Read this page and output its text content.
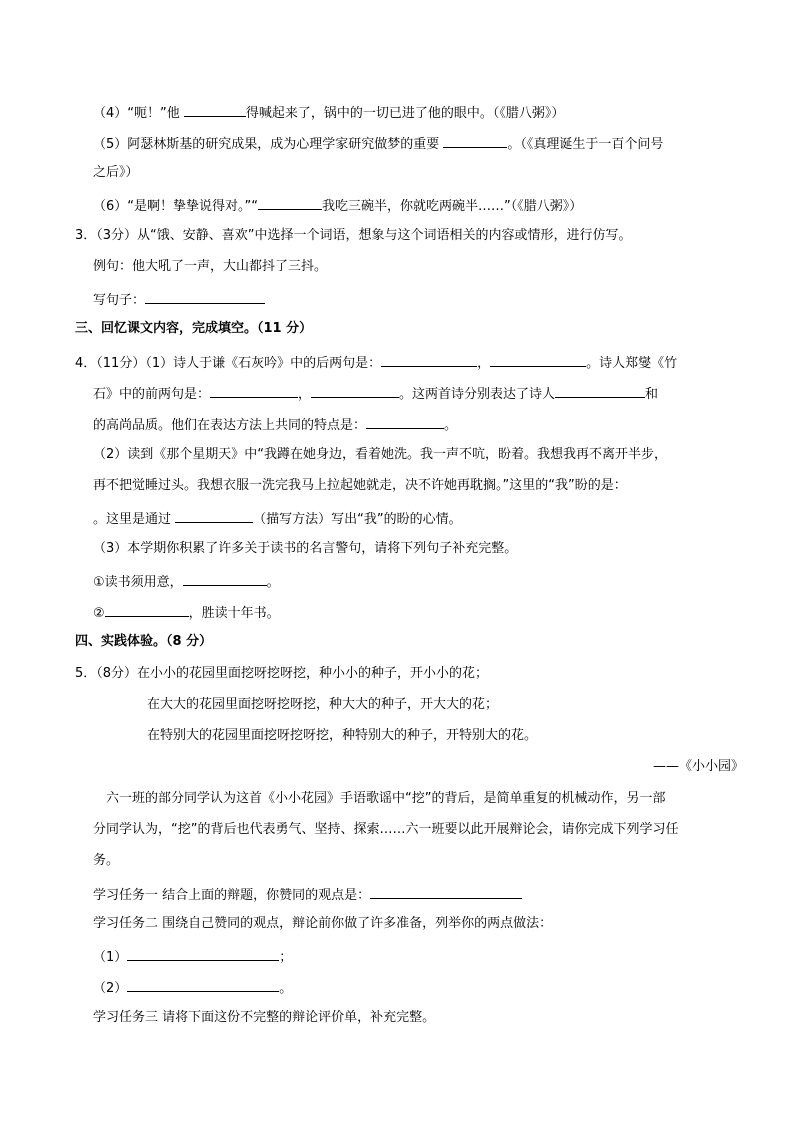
（4）“呃！”他	得喊起来了，锅中的一切已进了他的眼中。（《腊八粥》）
（5）阿瑟林斯基的研究成果，成为心理学家研究做梦的重要	。（《真理诞生于一百个问号
之后》）
（6）“是啊！挚挚说得对。”“	我吃三碗半，你就吃两碗半……”（《腊八粥》）
3．（3分）从“饿、安静、喜欢”中选择一个词语，想象与这个词语相关的内容或情形，进行仿写。
例句：他大吼了一声，大山都抖了三抖。
写句子：
三、回忆课文内容，完成填空。（11 分）
4．（11分）（1）诗人于谦《石灰吟》中的后两句是：	，	。诗人郑燮《竹
石》中的前两句是：	，	。这两首诗分别表达了诗人	和
的高尚品质。他们在表达方法上共同的特点是：	。
（2）读到《那个星期天》中“我蹲在她身边，看着她洗。我一声不吭，盼着。我想我再不离开半步，
再不把觉睡过头。我想衣服一洗完我马上拉起她就走，决不许她再耽搁。”这里的“我”盼的是：
。这里是通过	（描写方法）写出“我”的盼的心情。
（3）本学期你积累了许多关于读书的名言警句，请将下列句子补充完整。
①读书须用意，	。
②	，胜读十年书。
四、实践体验。（8 分）
5．（8分）在小小的花园里面挖呀挖呀挖，种小小的种子，开小小的花；
在大大的花园里面挖呀挖呀挖，种大大的种子，开大大的花；
在特别大的花园里面挖呀挖呀挖，种特别大的种子，开特别大的花。
——《小小园》
六一班的部分同学认为这首《小小花园》手语歌谣中“挖”的背后，是简单重复的机械动作，另一部
分同学认为，“挖”的背后也代表勇气、坚持、探索……六一班要以此开展辩论会，请你完成下列学习任
务。
学习任务一 结合上面的辩题，你赞同的观点是：
学习任务二 围绕自己赞同的观点，辩论前你做了许多准备，列举你的两点做法：
（1）	；
（2）	。
学习任务三 请将下面这份不完整的辩论评价单，补充完整。
